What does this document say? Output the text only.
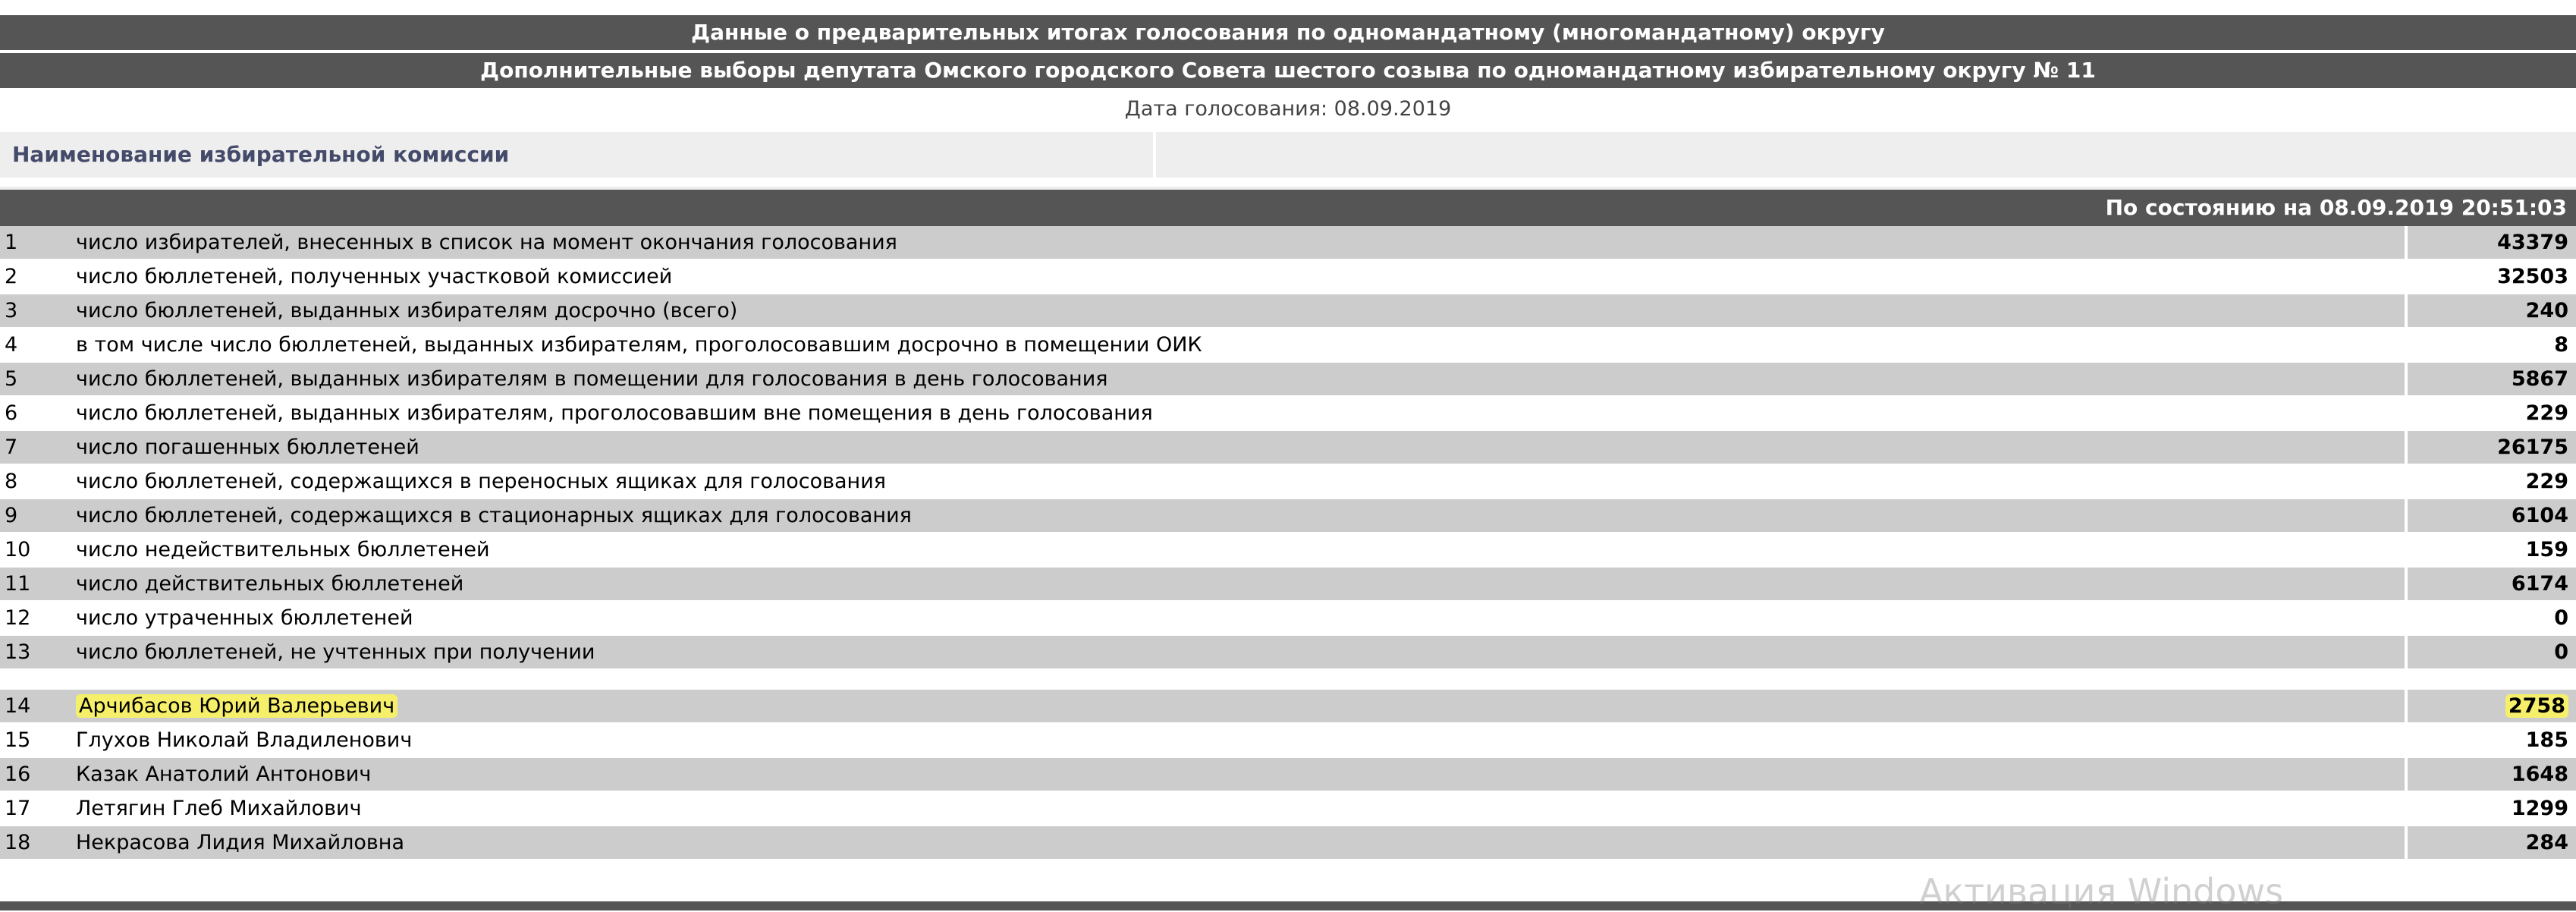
Данные о предварительных итогах голосования по одномандатному (многомандатному) округу
Дополнительные выборы депутата Омского городского Совета шестого созыва по одномандатному избирательному округу № 11
Дата голосования: 08.09.2019
Наименование избирательной комиссии
По состоянию на 08.09.2019 20:51:03
1	число избирателей, внесенных в список на момент окончания голосования	43379
2	число бюллетеней, полученных участковой комиссией	32503
3	число бюллетеней, выданных избирателям досрочно (всего)	240
4	в том числе число бюллетеней, выданных избирателям, проголосовавшим досрочно в помещении ОИК	8
5	число бюллетеней, выданных избирателям в помещении для голосования в день голосования	5867
6	число бюллетеней, выданных избирателям, проголосовавшим вне помещения в день голосования	229
7	число погашенных бюллетеней	26175
8	число бюллетеней, содержащихся в переносных ящиках для голосования	229
9	число бюллетеней, содержащихся в стационарных ящиках для голосования	6104
10	число недействительных бюллетеней	159
11	число действительных бюллетеней	6174
12	число утраченных бюллетеней	0
13	число бюллетеней, не учтенных при получении	0
14	Арчибасов Юрий Валерьевич	2758
15	Глухов Николай Владиленович	185
16	Казак Анатолий Антонович	1648
17	Летягин Глеб Михайлович	1299
18	Некрасова Лидия Михайловна	284
Активация Windows
